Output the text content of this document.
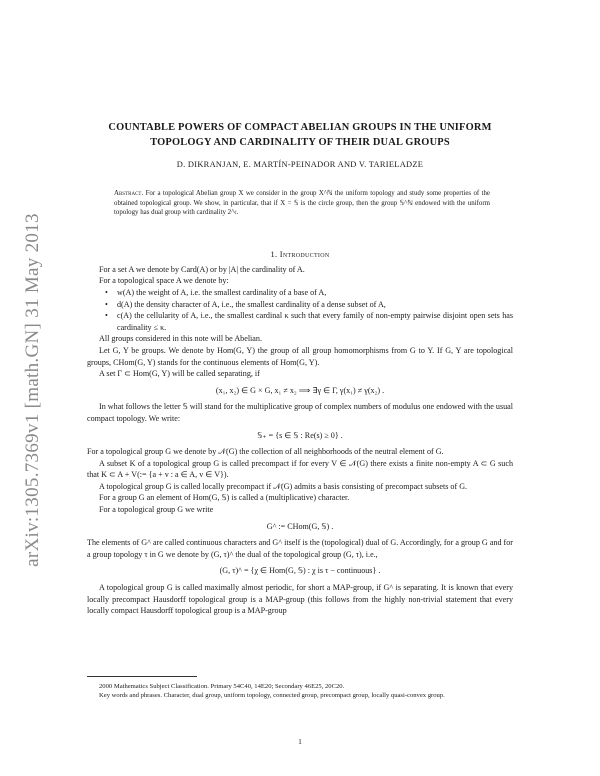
arXiv:1305.7369v1 [math.GN] 31 May 2013
COUNTABLE POWERS OF COMPACT ABELIAN GROUPS IN THE UNIFORM
TOPOLOGY AND CARDINALITY OF THEIR DUAL GROUPS
D. DIKRANJAN, E. MARTÍN-PEINADOR AND V. TARIELADZE
Abstract. For a topological Abelian group X we consider in the group X^ℕ the uniform topology and study some properties of the obtained topological group. We show, in particular, that if X = 𝕊 is the circle group, then the group 𝕊^ℕ endowed with the uniform topology has dual group with cardinality 2^𝔠.
1. Introduction

For a set A we denote by Card(A) or by |A| the cardinality of A.

For a topological space A we denote by:

• w(A) the weight of A, i.e. the smallest cardinality of a base of A,
• d(A) the density character of A, i.e., the smallest cardinality of a dense subset of A,
• c(A) the cellularity of A, i.e., the smallest cardinal κ such that every family of non-empty pairwise disjoint open sets has cardinality ≤ κ.

All groups considered in this note will be Abelian.

Let G, Y be groups. We denote by Hom(G, Y) the group of all group homomorphisms from G to Y. If G, Y are topological groups, CHom(G, Y) stands for the continuous elements of Hom(G, Y).

A set Γ ⊂ Hom(G, Y) will be called separating, if

(x₁, x₂) ∈ G × G, x₁ ≠ x₂ ⟹ ∃γ ∈ Γ, γ(x₁) ≠ γ(x₂) .

In what follows the letter 𝕊 will stand for the multiplicative group of complex numbers of modulus one endowed with the usual compact topology. We write:

𝕊₊ = {s ∈ 𝕊 : Re(s) ≥ 0} .

For a topological group G we denote by 𝒩(G) the collection of all neighborhoods of the neutral element of G.

A subset K of a topological group G is called precompact if for every V ∈ 𝒩(G) there exists a finite non-empty A ⊂ G such that K ⊂ A + V(:= {a + v : a ∈ A, v ∈ V}).

A topological group G is called locally precompact if 𝒩(G) admits a basis consisting of precompact subsets of G.

For a group G an element of Hom(G, 𝕊) is called a (multiplicative) character.

For a topological group G we write

G^ := CHom(G, 𝕊) .

The elements of G^ are called continuous characters and G^ itself is the (topological) dual of G. Accordingly, for a group G and for a group topology τ in G we denote by (G, τ)^ the dual of the topological group (G, τ), i.e.,

(G, τ)^ = {χ ∈ Hom(G, 𝕊) : χ is τ − continuous} .

A topological group G is called maximally almost periodic, for short a MAP-group, if G^ is separating. It is known that every locally precompact Hausdorff topological group is a MAP-group (this follows from the highly non-trivial statement that every locally compact Hausdorff topological group is a MAP-group

2000 Mathematics Subject Classification. Primary 54C40, 14E20; Secondary 46E25, 20C20.

Key words and phrases. Character, dual group, uniform topology, connected group, precompact group, locally quasi-convex group.

1
